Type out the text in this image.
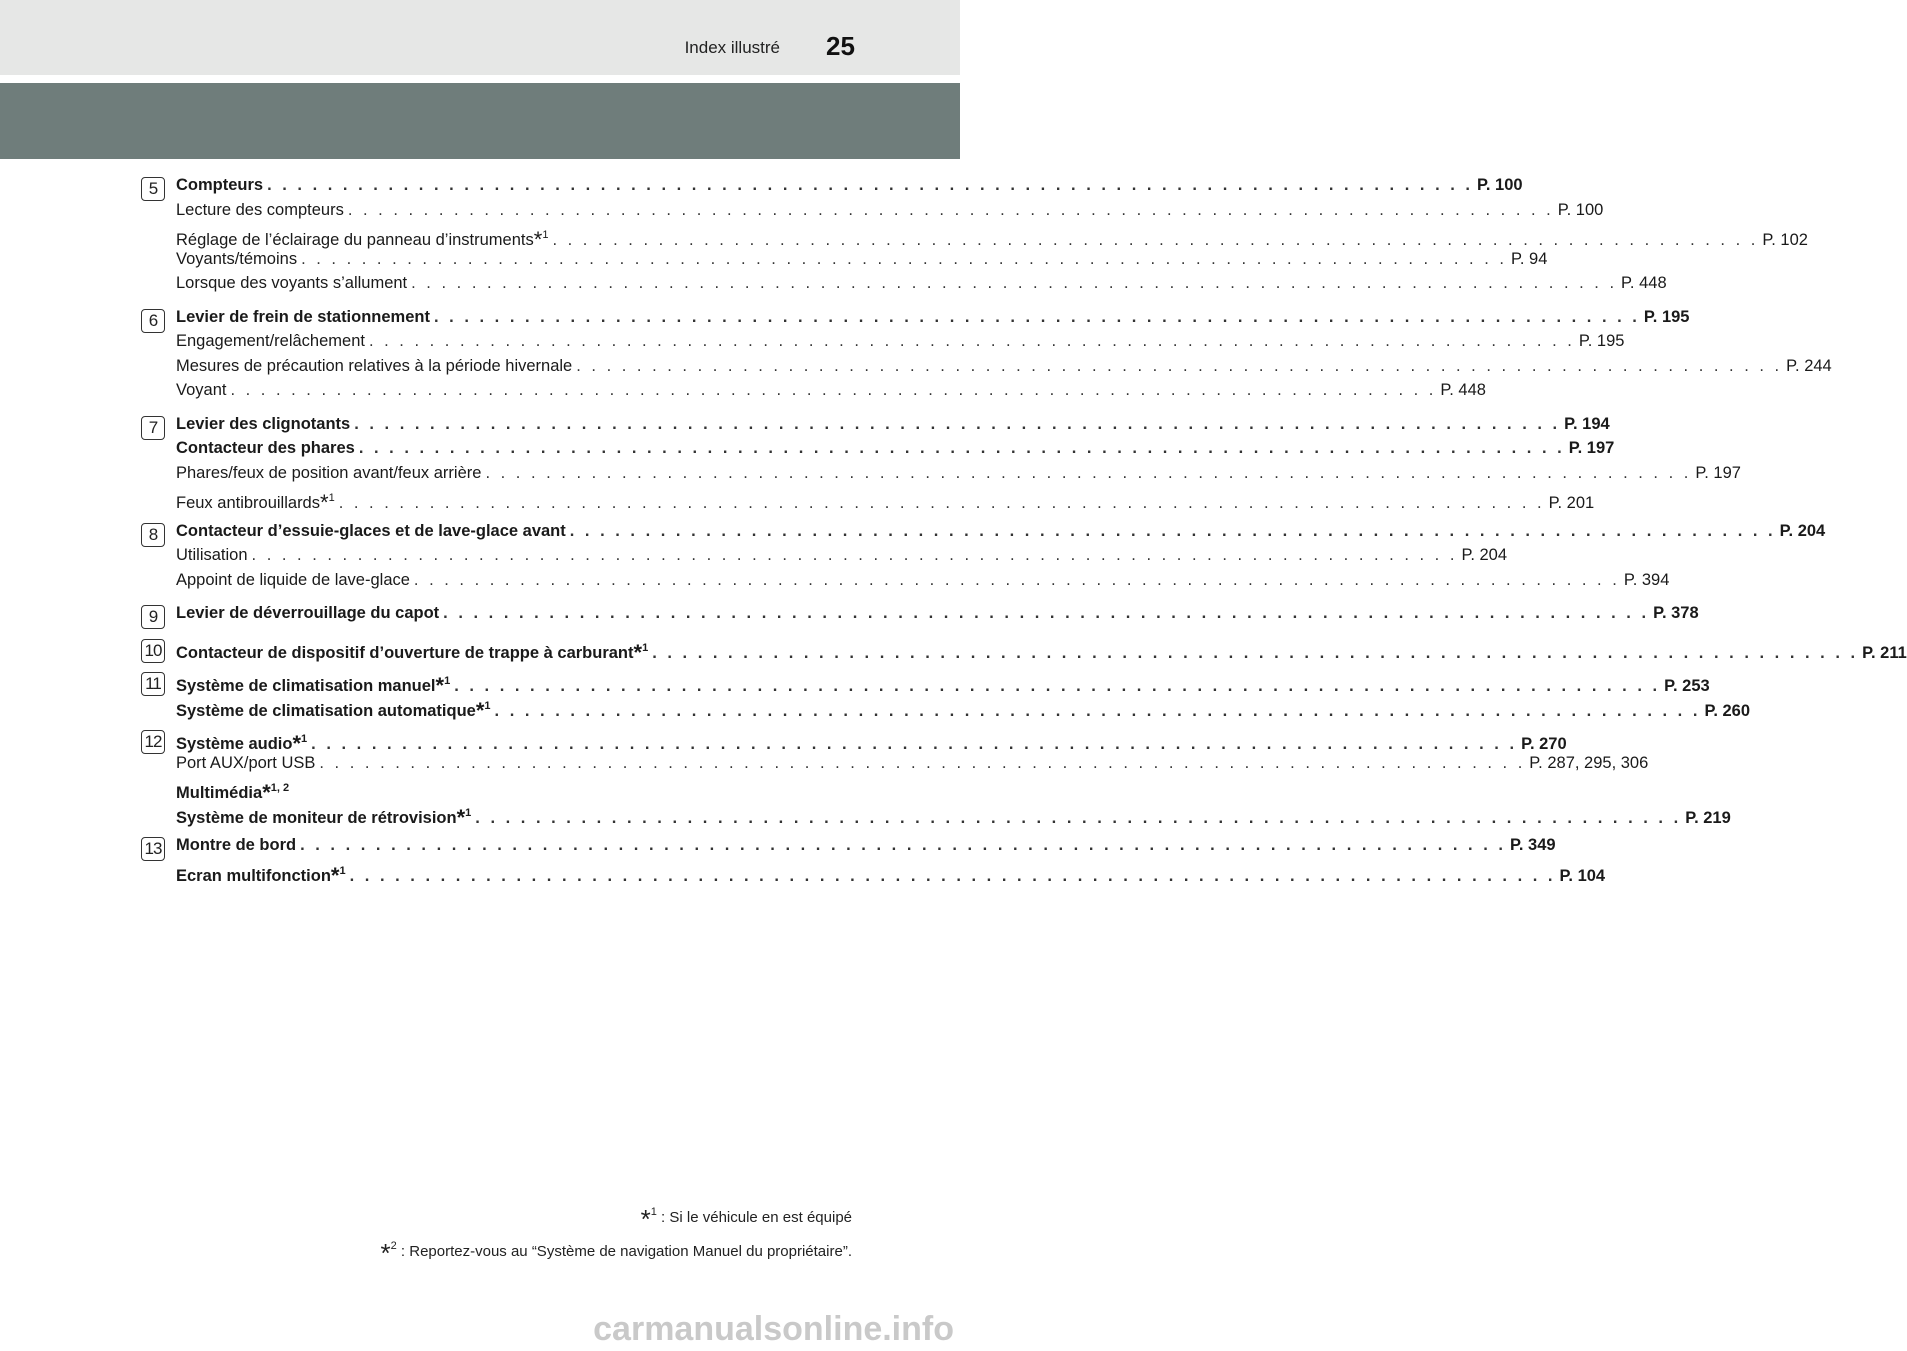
Index illustré 25
5	Compteurs . . . . . . . . . . . . . . . . . . . . . . . . . . . . . . . . . . . . . . . . . . . . . . . . . . . . . . . . . . . . . . . . . . . . . . . . . . . . . . . . P. 100
Lecture des compteurs . . . . . . . . . . . . . . . . . . . . . . . . . . . . . . . . . . . . . . . . . . . . . . . . . . . . . . . . . . . . . . . . . . . . . . . . . . . . . . . . P. 100
Réglage de l’éclairage du panneau d’instruments*$^1$ . . . . . . . . . . . . . . . . . . . . . . . . . . . . . . . . . . . . . . . . . . . . . . . . . . . . . . . . . . . . . . . . . . . . . . . . . . . . . . . . P. 102
Voyants/témoins . . . . . . . . . . . . . . . . . . . . . . . . . . . . . . . . . . . . . . . . . . . . . . . . . . . . . . . . . . . . . . . . . . . . . . . . . . . . . . . . P. 94
Lorsque des voyants s’allument . . . . . . . . . . . . . . . . . . . . . . . . . . . . . . . . . . . . . . . . . . . . . . . . . . . . . . . . . . . . . . . . . . . . . . . . . . . . . . . . P. 448
6	Levier de frein de stationnement . . . . . . . . . . . . . . . . . . . . . . . . . . . . . . . . . . . . . . . . . . . . . . . . . . . . . . . . . . . . . . . . . . . . . . . . . . . . . . . . P. 195
Engagement/relâchement . . . . . . . . . . . . . . . . . . . . . . . . . . . . . . . . . . . . . . . . . . . . . . . . . . . . . . . . . . . . . . . . . . . . . . . . . . . . . . . . P. 195
Mesures de précaution relatives à la période hivernale . . . . . . . . . . . . . . . . . . . . . . . . . . . . . . . . . . . . . . . . . . . . . . . . . . . . . . . . . . . . . . . . . . . . . . . . . . . . . . . . P. 244
Voyant . . . . . . . . . . . . . . . . . . . . . . . . . . . . . . . . . . . . . . . . . . . . . . . . . . . . . . . . . . . . . . . . . . . . . . . . . . . . . . . . P. 448
7	Levier des clignotants . . . . . . . . . . . . . . . . . . . . . . . . . . . . . . . . . . . . . . . . . . . . . . . . . . . . . . . . . . . . . . . . . . . . . . . . . . . . . . . . P. 194
Contacteur des phares . . . . . . . . . . . . . . . . . . . . . . . . . . . . . . . . . . . . . . . . . . . . . . . . . . . . . . . . . . . . . . . . . . . . . . . . . . . . . . . . P. 197
Phares/feux de position avant/feux arrière . . . . . . . . . . . . . . . . . . . . . . . . . . . . . . . . . . . . . . . . . . . . . . . . . . . . . . . . . . . . . . . . . . . . . . . . . . . . . . . . P. 197
Feux antibrouillards*$^1$ . . . . . . . . . . . . . . . . . . . . . . . . . . . . . . . . . . . . . . . . . . . . . . . . . . . . . . . . . . . . . . . . . . . . . . . . . . . . . . . . P. 201
8	Contacteur d’essuie-glaces et de lave-glace avant . . . . . . . . . . . . . . . . . . . . . . . . . . . . . . . . . . . . . . . . . . . . . . . . . . . . . . . . . . . . . . . . . . . . . . . . . . . . . . . . P. 204
Utilisation . . . . . . . . . . . . . . . . . . . . . . . . . . . . . . . . . . . . . . . . . . . . . . . . . . . . . . . . . . . . . . . . . . . . . . . . . . . . . . . . P. 204
Appoint de liquide de lave-glace . . . . . . . . . . . . . . . . . . . . . . . . . . . . . . . . . . . . . . . . . . . . . . . . . . . . . . . . . . . . . . . . . . . . . . . . . . . . . . . . P. 394
9	Levier de déverrouillage du capot . . . . . . . . . . . . . . . . . . . . . . . . . . . . . . . . . . . . . . . . . . . . . . . . . . . . . . . . . . . . . . . . . . . . . . . . . . . . . . . . P. 378
10 Contacteur de dispositif d’ouverture de trappe à carburant*$^1$ . . . . . . . . . . . . . . . . . . . . . . . . . . . . . . . . . . . . . . . . . . . . . . . . . . . . . . . . . . . . . . . . . . . . . . . . . . . . . . . . P. 211
11 Système de climatisation manuel*$^1$ . . . . . . . . . . . . . . . . . . . . . . . . . . . . . . . . . . . . . . . . . . . . . . . . . . . . . . . . . . . . . . . . . . . . . . . . . . . . . . . . P. 253
Système de climatisation automatique*$^1$ . . . . . . . . . . . . . . . . . . . . . . . . . . . . . . . . . . . . . . . . . . . . . . . . . . . . . . . . . . . . . . . . . . . . . . . . . . . . . . . . P. 260
12 Système audio*$^1$ . . . . . . . . . . . . . . . . . . . . . . . . . . . . . . . . . . . . . . . . . . . . . . . . . . . . . . . . . . . . . . . . . . . . . . . . . . . . . . . . P. 270
Port AUX/port USB . . . . . . . . . . . . . . . . . . . . . . . . . . . . . . . . . . . . . . . . . . . . . . . . . . . . . . . . . . . . . . . . . . . . . . . . . . . . . . . . P. 287, 295, 306
Multimédia*$^{1, 2}$
Système de moniteur de rétrovision*$^1$ . . . . . . . . . . . . . . . . . . . . . . . . . . . . . . . . . . . . . . . . . . . . . . . . . . . . . . . . . . . . . . . . . . . . . . . . . . . . . . . . P. 219
13 Montre de bord . . . . . . . . . . . . . . . . . . . . . . . . . . . . . . . . . . . . . . . . . . . . . . . . . . . . . . . . . . . . . . . . . . . . . . . . . . . . . . . . P. 349
Ecran multifonction*$^1$ . . . . . . . . . . . . . . . . . . . . . . . . . . . . . . . . . . . . . . . . . . . . . . . . . . . . . . . . . . . . . . . . . . . . . . . . . . . . . . . . P. 104
*$^1$ : Si le véhicule en est équipé
*$^2$ : Reportez-vous au “Système de navigation Manuel du propriétaire”.
carmanualsonline.info
